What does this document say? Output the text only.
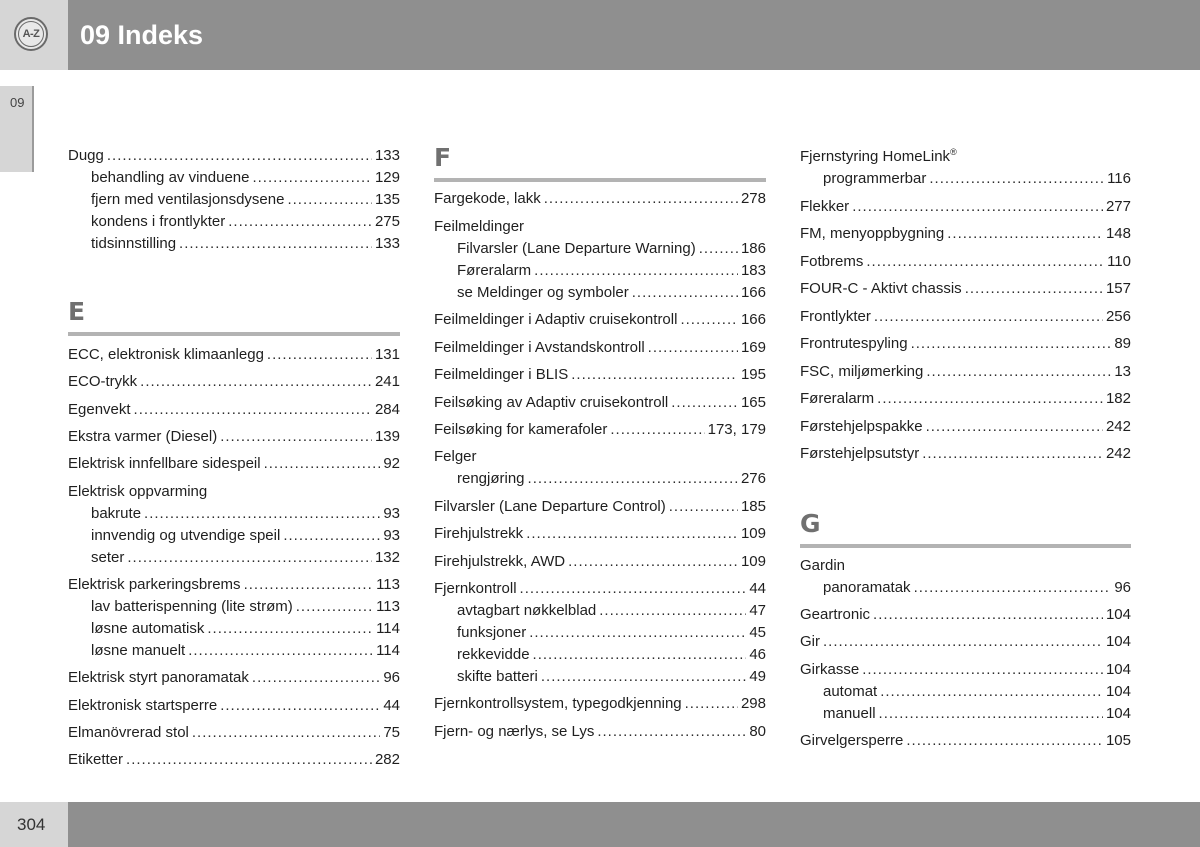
A-Z 09 Indeks
09
Dugg .....	133
behandling av vinduene .....	129
fjern med ventilasjonsdysene .....	135
kondens i frontlykter .....	275
tidsinnstilling .....	133
E
ECC, elektronisk klimaanlegg .....	131
ECO-trykk .....	241
Egenvekt .....	284
Ekstra varmer (Diesel) .....	139
Elektrisk innfellbare sidespeil .....	92
Elektrisk oppvarming
bakrute .....	93
innvendig og utvendige speil .....	93
seter .....	132
Elektrisk parkeringsbrems .....	113
lav batterispenning (lite strøm) .....	113
løsne automatisk .....	114
løsne manuelt .....	114
Elektrisk styrt panoramatak .....	96
Elektronisk startsperre .....	44
Elmanövrerad stol .....	75
Etiketter .....	282
F
Fargekode, lakk .....	278
Feilmeldinger
Filvarsler (Lane Departure Warning) .....	186
Føreralarm .....	183
se Meldinger og symboler .....	166
Feilmeldinger i Adaptiv cruisekontroll .....	166
Feilmeldinger i Avstandskontroll .....	169
Feilmeldinger i BLIS .....	195
Feilsøking av Adaptiv cruisekontroll .....	165
Feilsøking for kamerafoler .....	173, 179
Felger
rengjøring .....	276
Filvarsler (Lane Departure Control) .....	185
Firehjulstrekk .....	109
Firehjulstrekk, AWD .....	109
Fjernkontroll .....	44
avtagbart nøkkelblad .....	47
funksjoner .....	45
rekkevidde .....	46
skifte batteri .....	49
Fjernkontrollsystem, typegodkjenning .....	298
Fjern- og nærlys, se Lys .....	80
Fjernstyring HomeLink®
programmerbar .....	116
Flekker .....	277
FM, menyoppbygning .....	148
Fotbrems .....	110
FOUR-C - Aktivt chassis .....	157
Frontlykter .....	256
Frontrutespyling .....	89
FSC, miljømerking .....	13
Føreralarm .....	182
Førstehjelpspakke .....	242
Førstehjelpsutstyr .....	242
G
Gardin
panoramatak .....	96
Geartronic .....	104
Gir .....	104
Girkasse .....	104
automat .....	104
manuell .....	104
Girvelgersperre .....	105
304
